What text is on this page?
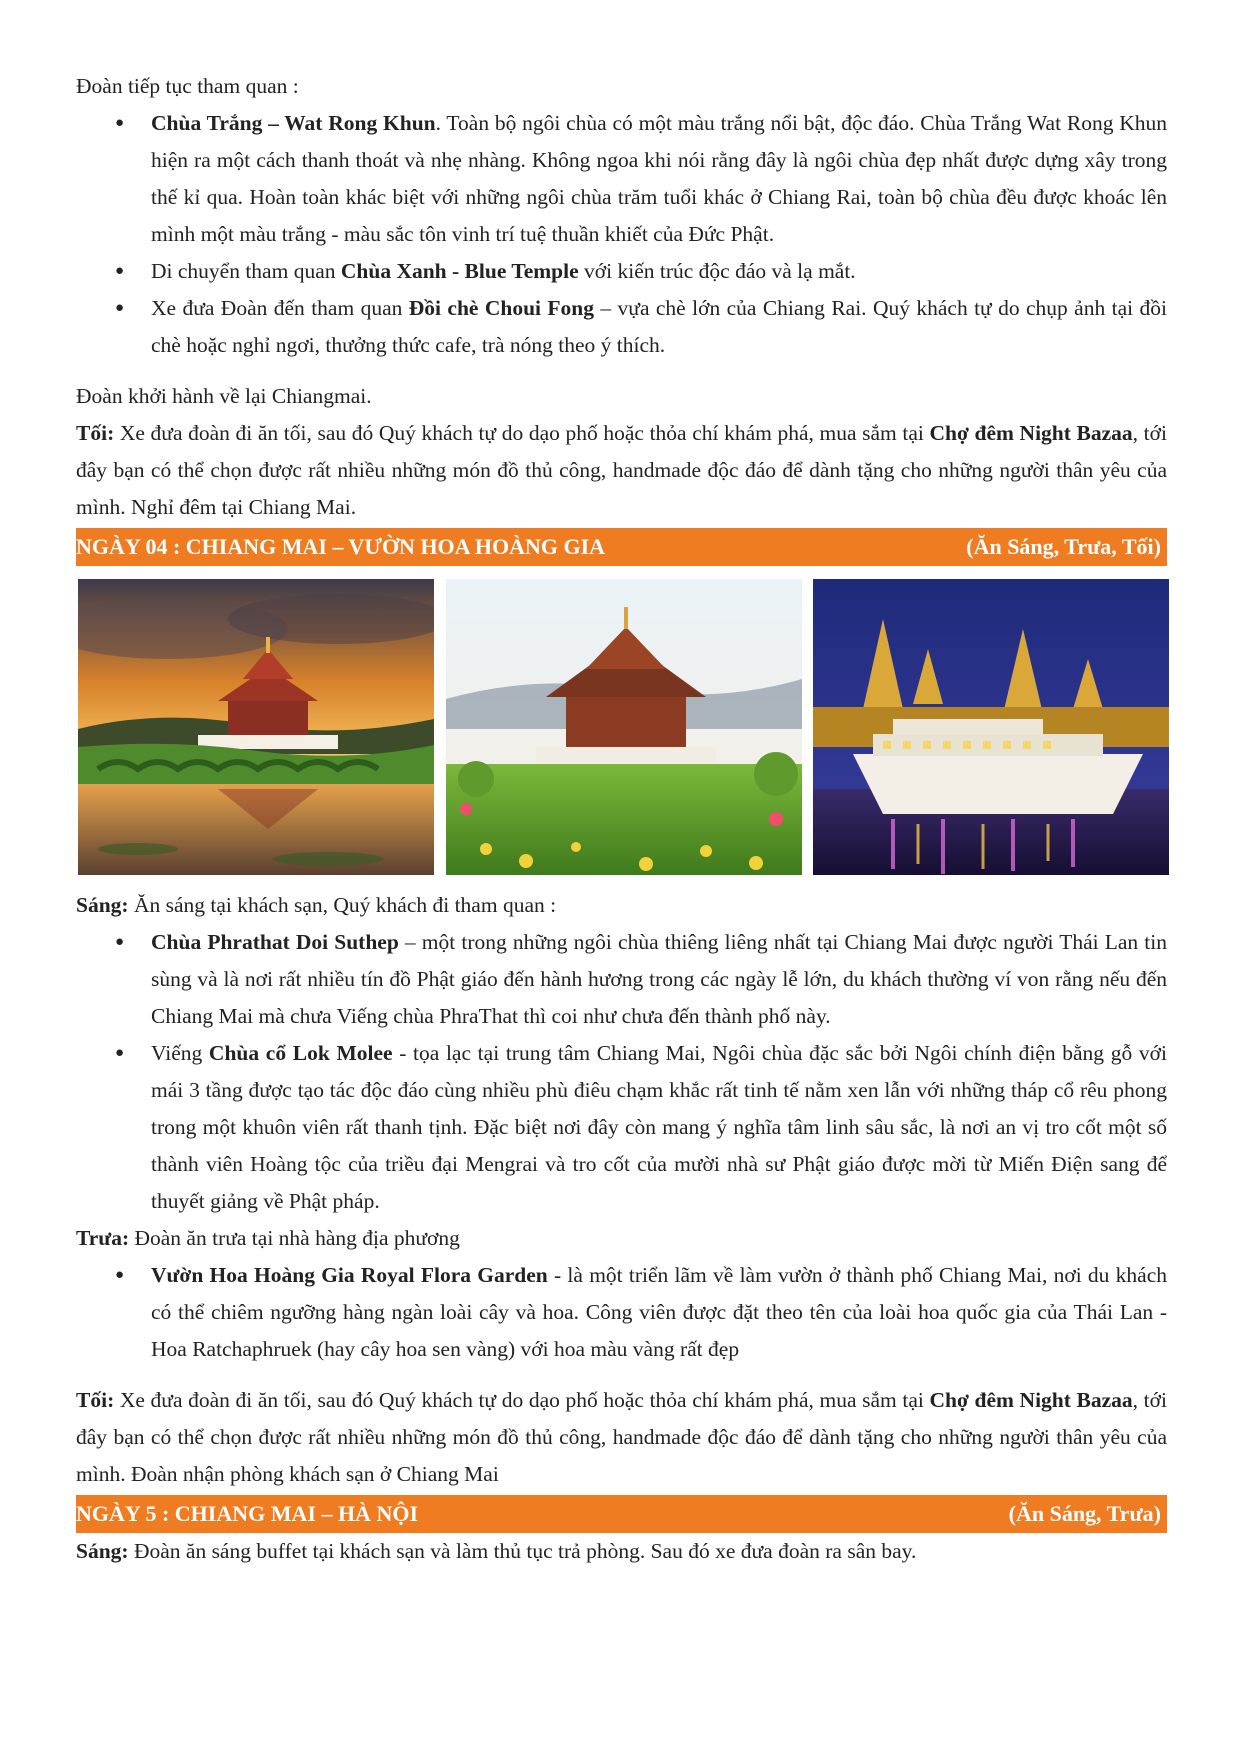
Đoàn tiếp tục tham quan :

● Chùa Trắng – Wat Rong Khun. Toàn bộ ngôi chùa có một màu trắng nổi bật, độc đáo. Chùa Trắng Wat Rong Khun hiện ra một cách thanh thoát và nhẹ nhàng. Không ngoa khi nói rằng đây là ngôi chùa đẹp nhất được dựng xây trong thế kỉ qua. Hoàn toàn khác biệt với những ngôi chùa trăm tuổi khác ở Chiang Rai, toàn bộ chùa đều được khoác lên mình một màu trắng - màu sắc tôn vinh trí tuệ thuần khiết của Đức Phật.
● Di chuyển tham quan Chùa Xanh - Blue Temple với kiến trúc độc đáo và lạ mắt.
● Xe đưa Đoàn đến tham quan Đồi chè Choui Fong – vựa chè lớn của Chiang Rai. Quý khách tự do chụp ảnh tại đồi chè hoặc nghỉ ngơi, thưởng thức cafe, trà nóng theo ý thích.

Đoàn khởi hành về lại Chiangmai.

Tối: Xe đưa đoàn đi ăn tối, sau đó Quý khách tự do dạo phố hoặc thỏa chí khám phá, mua sắm tại Chợ đêm Night Bazaa, tới đây bạn có thể chọn được rất nhiều những món đồ thủ công, handmade độc đáo để dành tặng cho những người thân yêu của mình. Nghỉ đêm tại Chiang Mai.

NGÀY 04 : CHIANG MAI – VƯỜN HOA HOÀNG GIA	(Ăn Sáng, Trưa, Tối)

Sáng: Ăn sáng tại khách sạn, Quý khách đi tham quan :

● Chùa Phrathat Doi Suthep – một trong những ngôi chùa thiêng liêng nhất tại Chiang Mai được người Thái Lan tin sùng và là nơi rất nhiều tín đồ Phật giáo đến hành hương trong các ngày lễ lớn, du khách thường ví von rằng nếu đến Chiang Mai mà chưa Viếng chùa PhraThat thì coi như chưa đến thành phố này.
● Viếng Chùa cổ Lok Molee - tọa lạc tại trung tâm Chiang Mai, Ngôi chùa đặc sắc bởi Ngôi chính điện bằng gỗ với mái 3 tầng được tạo tác độc đáo cùng nhiều phù điêu chạm khắc rất tinh tế nằm xen lẫn với những tháp cổ rêu phong trong một khuôn viên rất thanh tịnh. Đặc biệt nơi đây còn mang ý nghĩa tâm linh sâu sắc, là nơi an vị tro cốt một số thành viên Hoàng tộc của triều đại Mengrai và tro cốt của mười nhà sư Phật giáo được mời từ Miến Điện sang để thuyết giảng về Phật pháp.

Trưa: Đoàn ăn trưa tại nhà hàng địa phương

● Vườn Hoa Hoàng Gia Royal Flora Garden - là một triển lãm về làm vườn ở thành phố Chiang Mai, nơi du khách có thể chiêm ngưỡng hàng ngàn loài cây và hoa. Công viên được đặt theo tên của loài hoa quốc gia của Thái Lan - Hoa Ratchaphruek (hay cây hoa sen vàng) với hoa màu vàng rất đẹp

Tối: Xe đưa đoàn đi ăn tối, sau đó Quý khách tự do dạo phố hoặc thỏa chí khám phá, mua sắm tại Chợ đêm Night Bazaa, tới đây bạn có thể chọn được rất nhiều những món đồ thủ công, handmade độc đáo để dành tặng cho những người thân yêu của mình. Đoàn nhận phòng khách sạn ở Chiang Mai

NGÀY 5 : CHIANG MAI – HÀ NỘI	(Ăn Sáng, Trưa)

Sáng: Đoàn ăn sáng buffet tại khách sạn và làm thủ tục trả phòng. Sau đó xe đưa đoàn ra sân bay.
